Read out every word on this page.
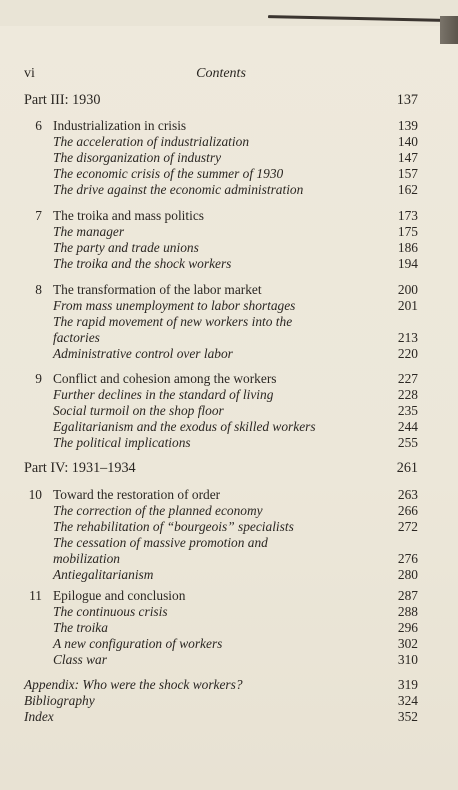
vi	Contents
Part III: 1930	137
6 Industrialization in crisis	139
The acceleration of industrialization	140
The disorganization of industry	147
The economic crisis of the summer of 1930	157
The drive against the economic administration	162
7 The troika and mass politics	173
The manager	175
The party and trade unions	186
The troika and the shock workers	194
8 The transformation of the labor market	200
From mass unemployment to labor shortages	201
The rapid movement of new workers into the
factories	213
Administrative control over labor	220
9 Conflict and cohesion among the workers	227
Further declines in the standard of living	228
Social turmoil on the shop floor	235
Egalitarianism and the exodus of skilled workers	244
The political implications	255
Part IV: 1931–1934	261
10 Toward the restoration of order	263
The correction of the planned economy	266
The rehabilitation of “bourgeois” specialists	272
The cessation of massive promotion and
mobilization	276
Antiegalitarianism	280
11 Epilogue and conclusion	287
The continuous crisis	288
The troika	296
A new configuration of workers	302
Class war	310
Appendix: Who were the shock workers?	319
Bibliography	324
Index	352
